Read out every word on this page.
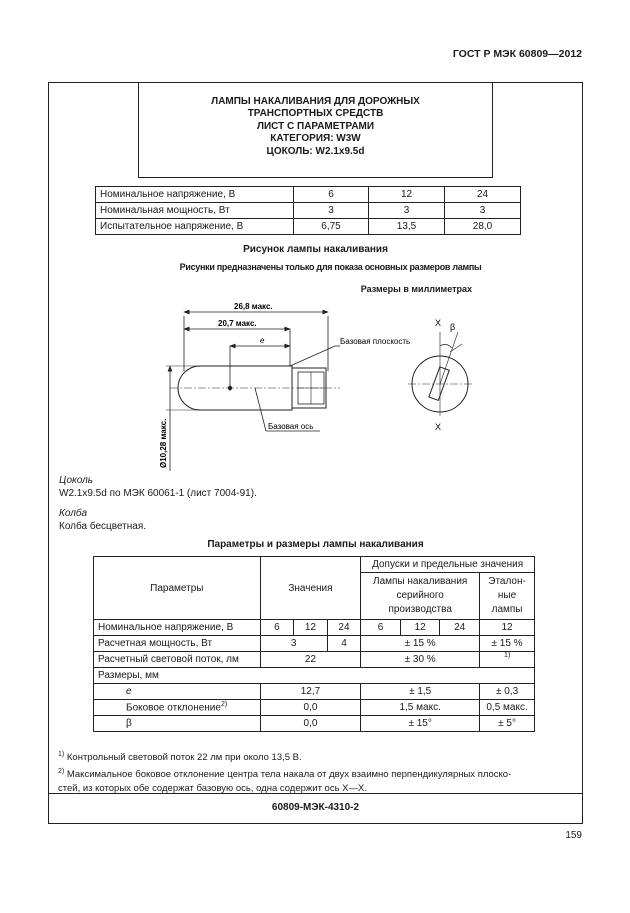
ГОСТ Р МЭК 60809—2012
ЛАМПЫ НАКАЛИВАНИЯ ДЛЯ ДОРОЖНЫХ
ТРАНСПОРТНЫХ СРЕДСТВ
ЛИСТ С ПАРАМЕТРАМИ
КАТЕГОРИЯ: W3W
ЦОКОЛЬ: W2.1x9.5d
Номинальное напряжение, В	6	12	24
Номинальная мощность, Вт	3	3	3
Испытательное напряжение, В	6,75	13,5	28,0
Рисунок лампы накаливания
Рисунки предназначены только для показа основных размеров лампы
Размеры в миллиметрах
26,8 макс.
20,7 макс.
e	Базовая плоскость
Базовая ось
Ø10,28 макс.
X
X
β
Цоколь
W2.1x9.5d по МЭК 60061-1 (лист 7004-91).
Колба
Колба бесцветная.
Параметры и размеры лампы накаливания
Параметры	Значения			Допуски и предельные значения			
				Лампы накаливания серийного производства			Эталон-ные лампы
Номинальное напряжение, В	6	12	24	6	12	24	12
Расчетная мощность, Вт	3		4	± 15 %			± 15 %
Расчетный световой поток, лм	22			± 30 %			1)
Размеры, мм							
e	12,7			± 1,5			± 0,3
Боковое отклонение$^{2)}$	0,0			1,5 макс.			0,5 макс.
β	0,0			± 15°			± 5°
$^{1)}$ Контрольный световой поток 22 лм при около 13,5 В.
$^{2)}$ Максимальное боковое отклонение центра тела накала от двух взаимно перпендикулярных плоско-
стей, из которых обе содержат базовую ось, одна содержит ось X—X.
60809-МЭК-4310-2
159
